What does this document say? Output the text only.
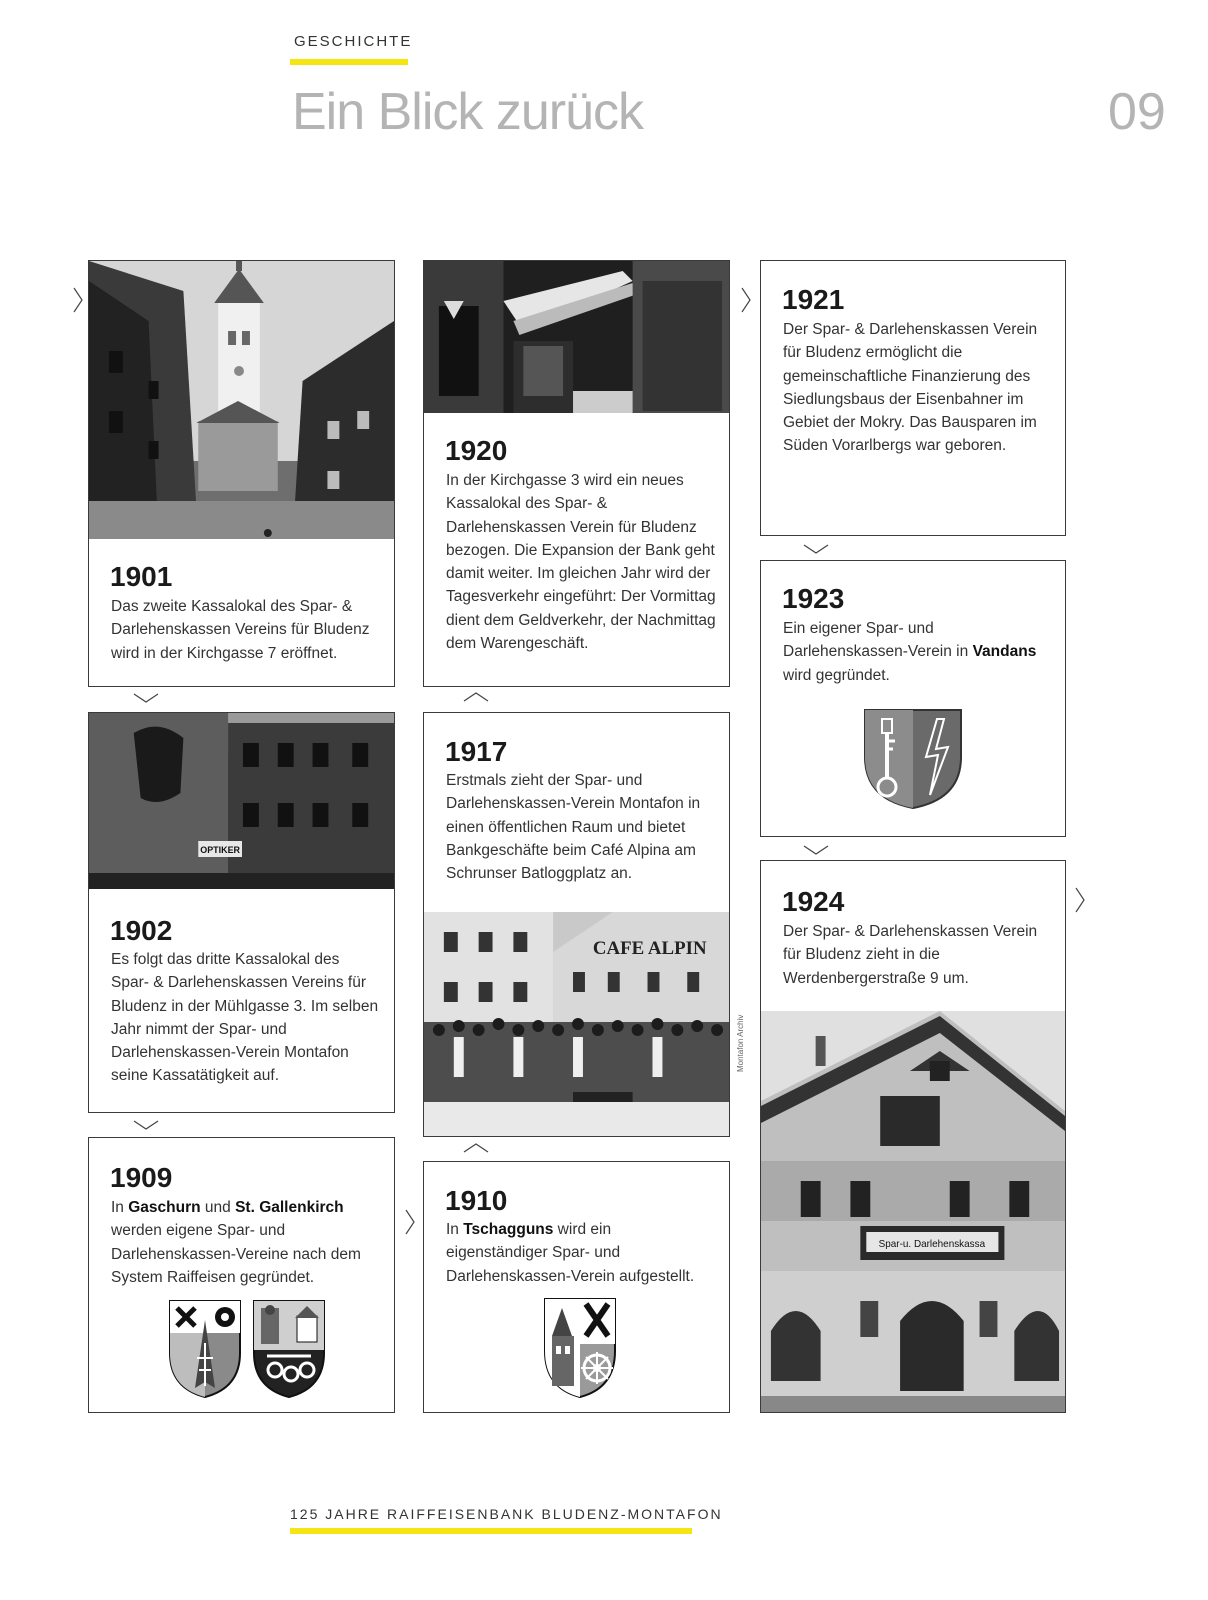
GESCHICHTE
Ein Blick zurück	09
1901
Das zweite Kassalokal des Spar- & Darlehenskassen Vereins für Bludenz wird in der Kirchgasse 7 eröffnet.
OPTIKER
1902
Es folgt das dritte Kassalokal des Spar- & Darlehenskassen Vereins für Bludenz in der Mühlgasse 3. Im selben Jahr nimmt der Spar- und Darlehenskassen-Verein Montafon seine Kassatätigkeit auf.
1909
In Gaschurn und St. Gallenkirch werden eigene Spar- und Darlehenskassen-Vereine nach dem System Raiffeisen gegründet.
1920
In der Kirchgasse 3 wird ein neues Kassalokal des Spar- & Darlehenskassen Verein für Bludenz bezogen. Die Expansion der Bank geht damit weiter. Im gleichen Jahr wird der Tagesverkehr eingeführt: Der Vormittag dient dem Geldverkehr, der Nachmittag dem Warengeschäft.
1917
Erstmals zieht der Spar- und Darlehenskassen-Verein Montafon in einen öffentlichen Raum und bietet Bankgeschäfte beim Café Alpina am Schrunser Batloggplatz an.
CAFE ALPIN
Montafon Archiv
1910
In Tschagguns wird ein eigenständiger Spar- und Darlehenskassen-Verein aufgestellt.
1921
Der Spar- & Darlehenskassen Verein für Bludenz ermöglicht die gemeinschaftliche Finanzierung des Siedlungsbaus der Eisenbahner im Gebiet der Mokry. Das Bausparen im Süden Vorarlbergs war geboren.
1923
Ein eigener Spar- und Darlehenskassen-Verein in Vandans wird gegründet.
1924
Der Spar- & Darlehenskassen Verein für Bludenz zieht in die Werdenbergerstraße 9 um.
Spar-u. Darlehenskassa
125 JAHRE RAIFFEISENBANK BLUDENZ-MONTAFON
